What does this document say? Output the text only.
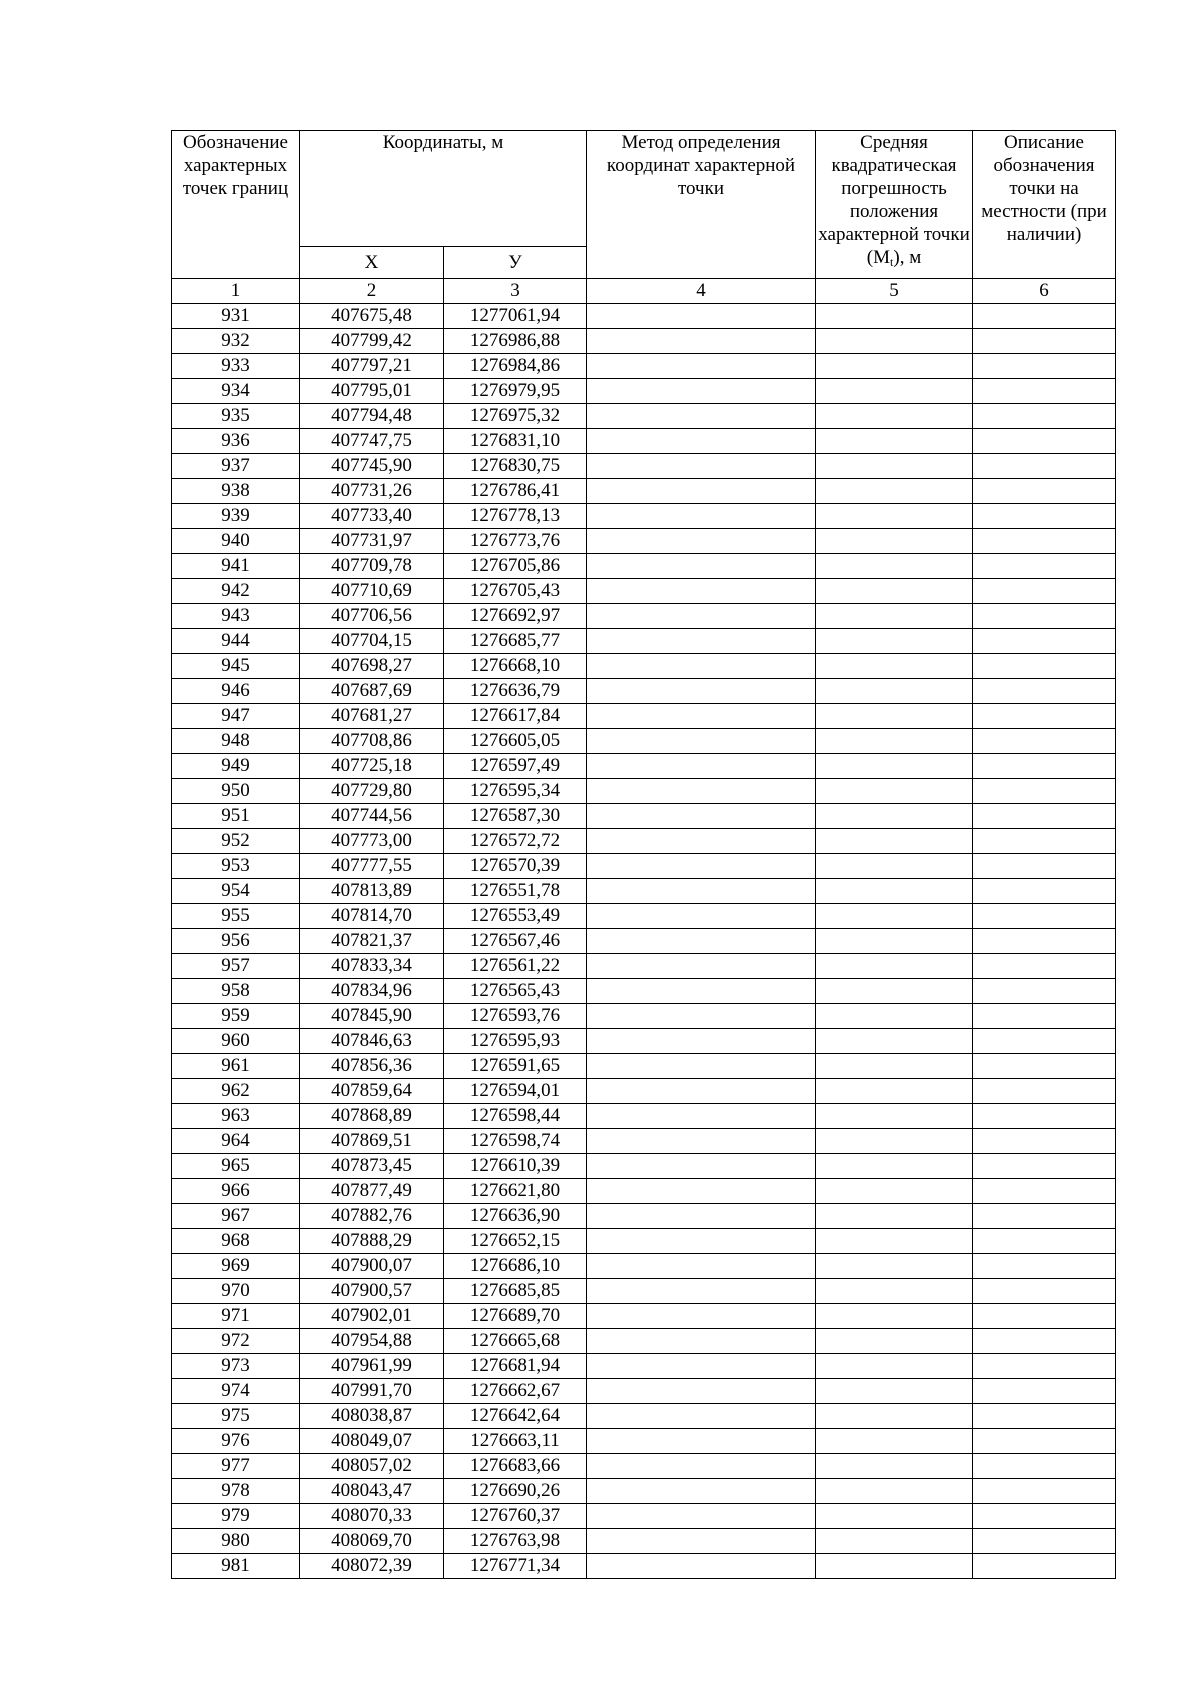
Обозначение характерных точек границ	Координаты, м		Метод определения координат характерной точки	Средняя квадратическая погрешность положения характерной точки $(М_t)$, м	Описание обозначения точки на местности (при наличии)
	Х	У			
1	2	3	4	5	6
931	407675,48	1277061,94			
932	407799,42	1276986,88			
933	407797,21	1276984,86			
934	407795,01	1276979,95			
935	407794,48	1276975,32			
936	407747,75	1276831,10			
937	407745,90	1276830,75			
938	407731,26	1276786,41			
939	407733,40	1276778,13			
940	407731,97	1276773,76			
941	407709,78	1276705,86			
942	407710,69	1276705,43			
943	407706,56	1276692,97			
944	407704,15	1276685,77			
945	407698,27	1276668,10			
946	407687,69	1276636,79			
947	407681,27	1276617,84			
948	407708,86	1276605,05			
949	407725,18	1276597,49			
950	407729,80	1276595,34			
951	407744,56	1276587,30			
952	407773,00	1276572,72			
953	407777,55	1276570,39			
954	407813,89	1276551,78			
955	407814,70	1276553,49			
956	407821,37	1276567,46			
957	407833,34	1276561,22			
958	407834,96	1276565,43			
959	407845,90	1276593,76			
960	407846,63	1276595,93			
961	407856,36	1276591,65			
962	407859,64	1276594,01			
963	407868,89	1276598,44			
964	407869,51	1276598,74			
965	407873,45	1276610,39			
966	407877,49	1276621,80			
967	407882,76	1276636,90			
968	407888,29	1276652,15			
969	407900,07	1276686,10			
970	407900,57	1276685,85			
971	407902,01	1276689,70			
972	407954,88	1276665,68			
973	407961,99	1276681,94			
974	407991,70	1276662,67			
975	408038,87	1276642,64			
976	408049,07	1276663,11			
977	408057,02	1276683,66			
978	408043,47	1276690,26			
979	408070,33	1276760,37			
980	408069,70	1276763,98			
981	408072,39	1276771,34			
